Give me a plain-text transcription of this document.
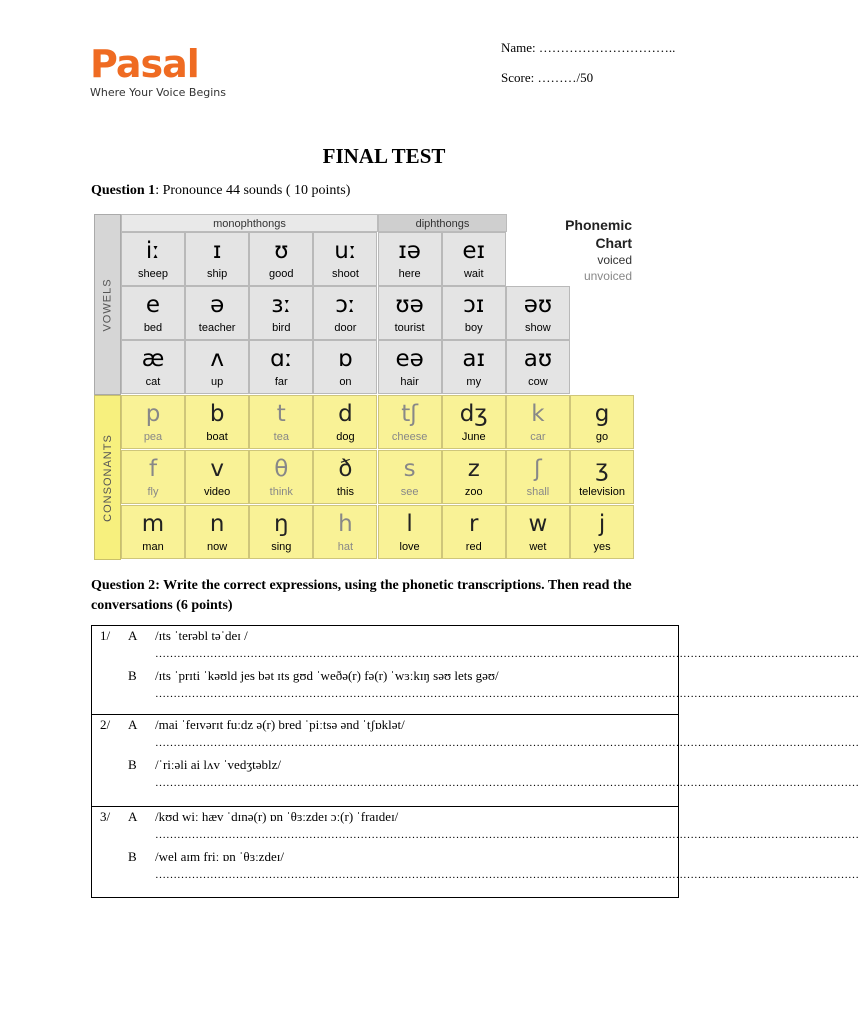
Pasal
Where Your Voice Begins
Name: …………………………..
Score: ………/50
FINAL TEST
Question 1: Pronounce 44 sounds ( 10 points)
VOWELS
CONSONANTS
monophthongs	diphthongs	Phonemic
Chart
voiced
unvoiced
iː
sheep
ɪ
ship
ʊ
good
uː
shoot
ɪə
here
eɪ
wait
e
bed
ə
teacher
ɜː
bird
ɔː
door
ʊə
tourist
ɔɪ
boy
əʊ
show
æ
cat
ʌ
up
ɑː
far
ɒ
on
eə
hair
aɪ
my
aʊ
cow
p
pea
b
boat
t
tea
d
dog
tʃ
cheese
dʒ
June
k
car
g
go
f
fly
v
video
θ
think
ð
this
s
see
z
zoo
ʃ
shall
ʒ
television
m
man
n
now
ŋ
sing
h
hat
l
love
r
red
w
wet
j
yes
Question 2: Write the correct expressions, using the phonetic transcriptions. Then read the conversations (6 points)
1/ A /ɪts ˈterəbl təˈdeɪ /
…………………………………………………………………………………………………………………………………………………………………………
B /ɪts ˈprɪti ˈkəʊld jes bət ɪts gʊd ˈweðə(r) fə(r) ˈwɜːkɪŋ səʊ lets gəʊ/
…………………………………………………………………………………………………………………………………………………………………………
2/ A /mai ˈfeɪvərɪt fuːdz ə(r) bred ˈpiːtsə ənd ˈtʃɒklət/
…………………………………………………………………………………………………………………………………………………………………………
B /ˈriːəli ai lʌv ˈvedʒtəblz/
…………………………………………………………………………………………………………………………………………………………………………
3/ A /kʊd wiː hæv ˈdɪnə(r) ɒn ˈθɜːzdeɪ ɔː(r) ˈfraɪdeɪ/
…………………………………………………………………………………………………………………………………………………………………………
B /wel aɪm friː ɒn ˈθɜːzdeɪ/
…………………………………………………………………………………………………………………………………………………………………………
